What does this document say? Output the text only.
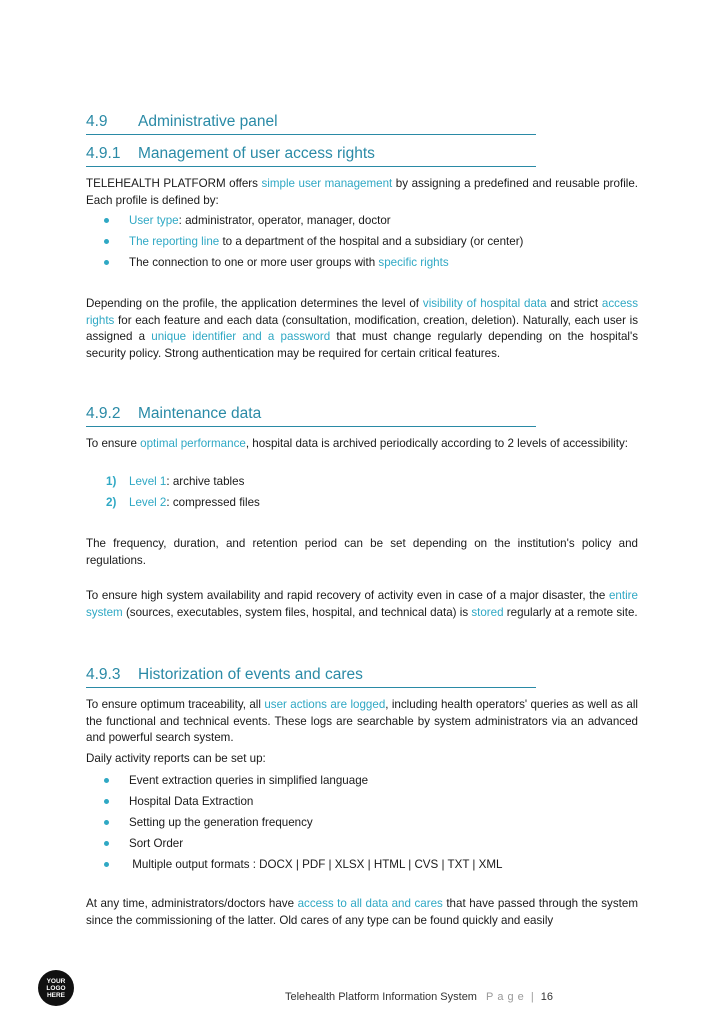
4.9 Administrative panel
4.9.1 Management of user access rights
TELEHEALTH PLATFORM offers simple user management by assigning a predefined and reusable profile. Each profile is defined by:
User type: administrator, operator, manager, doctor
The reporting line to a department of the hospital and a subsidiary (or center)
The connection to one or more user groups with specific rights
Depending on the profile, the application determines the level of visibility of hospital data and strict access rights for each feature and each data (consultation, modification, creation, deletion). Naturally, each user is assigned a unique identifier and a password that must change regularly depending on the hospital's security policy. Strong authentication may be required for certain critical features.
4.9.2 Maintenance data
To ensure optimal performance, hospital data is archived periodically according to 2 levels of accessibility:
1) Level 1: archive tables
2) Level 2: compressed files
The frequency, duration, and retention period can be set depending on the institution's policy and regulations.
To ensure high system availability and rapid recovery of activity even in case of a major disaster, the entire system (sources, executables, system files, hospital, and technical data) is stored regularly at a remote site.
4.9.3 Historization of events and cares
To ensure optimum traceability, all user actions are logged, including health operators' queries as well as all the functional and technical events. These logs are searchable by system administrators via an advanced and powerful search system.
Daily activity reports can be set up:
Event extraction queries in simplified language
Hospital Data Extraction
Setting up the generation frequency
Sort Order
Multiple output formats : DOCX | PDF | XLSX | HTML | CVS | TXT | XML
At any time, administrators/doctors have access to all data and cares that have passed through the system since the commissioning of the latter. Old cares of any type can be found quickly and easily
YOUR
LOGO
HERE	Telehealth Platform Information System Page | 16
